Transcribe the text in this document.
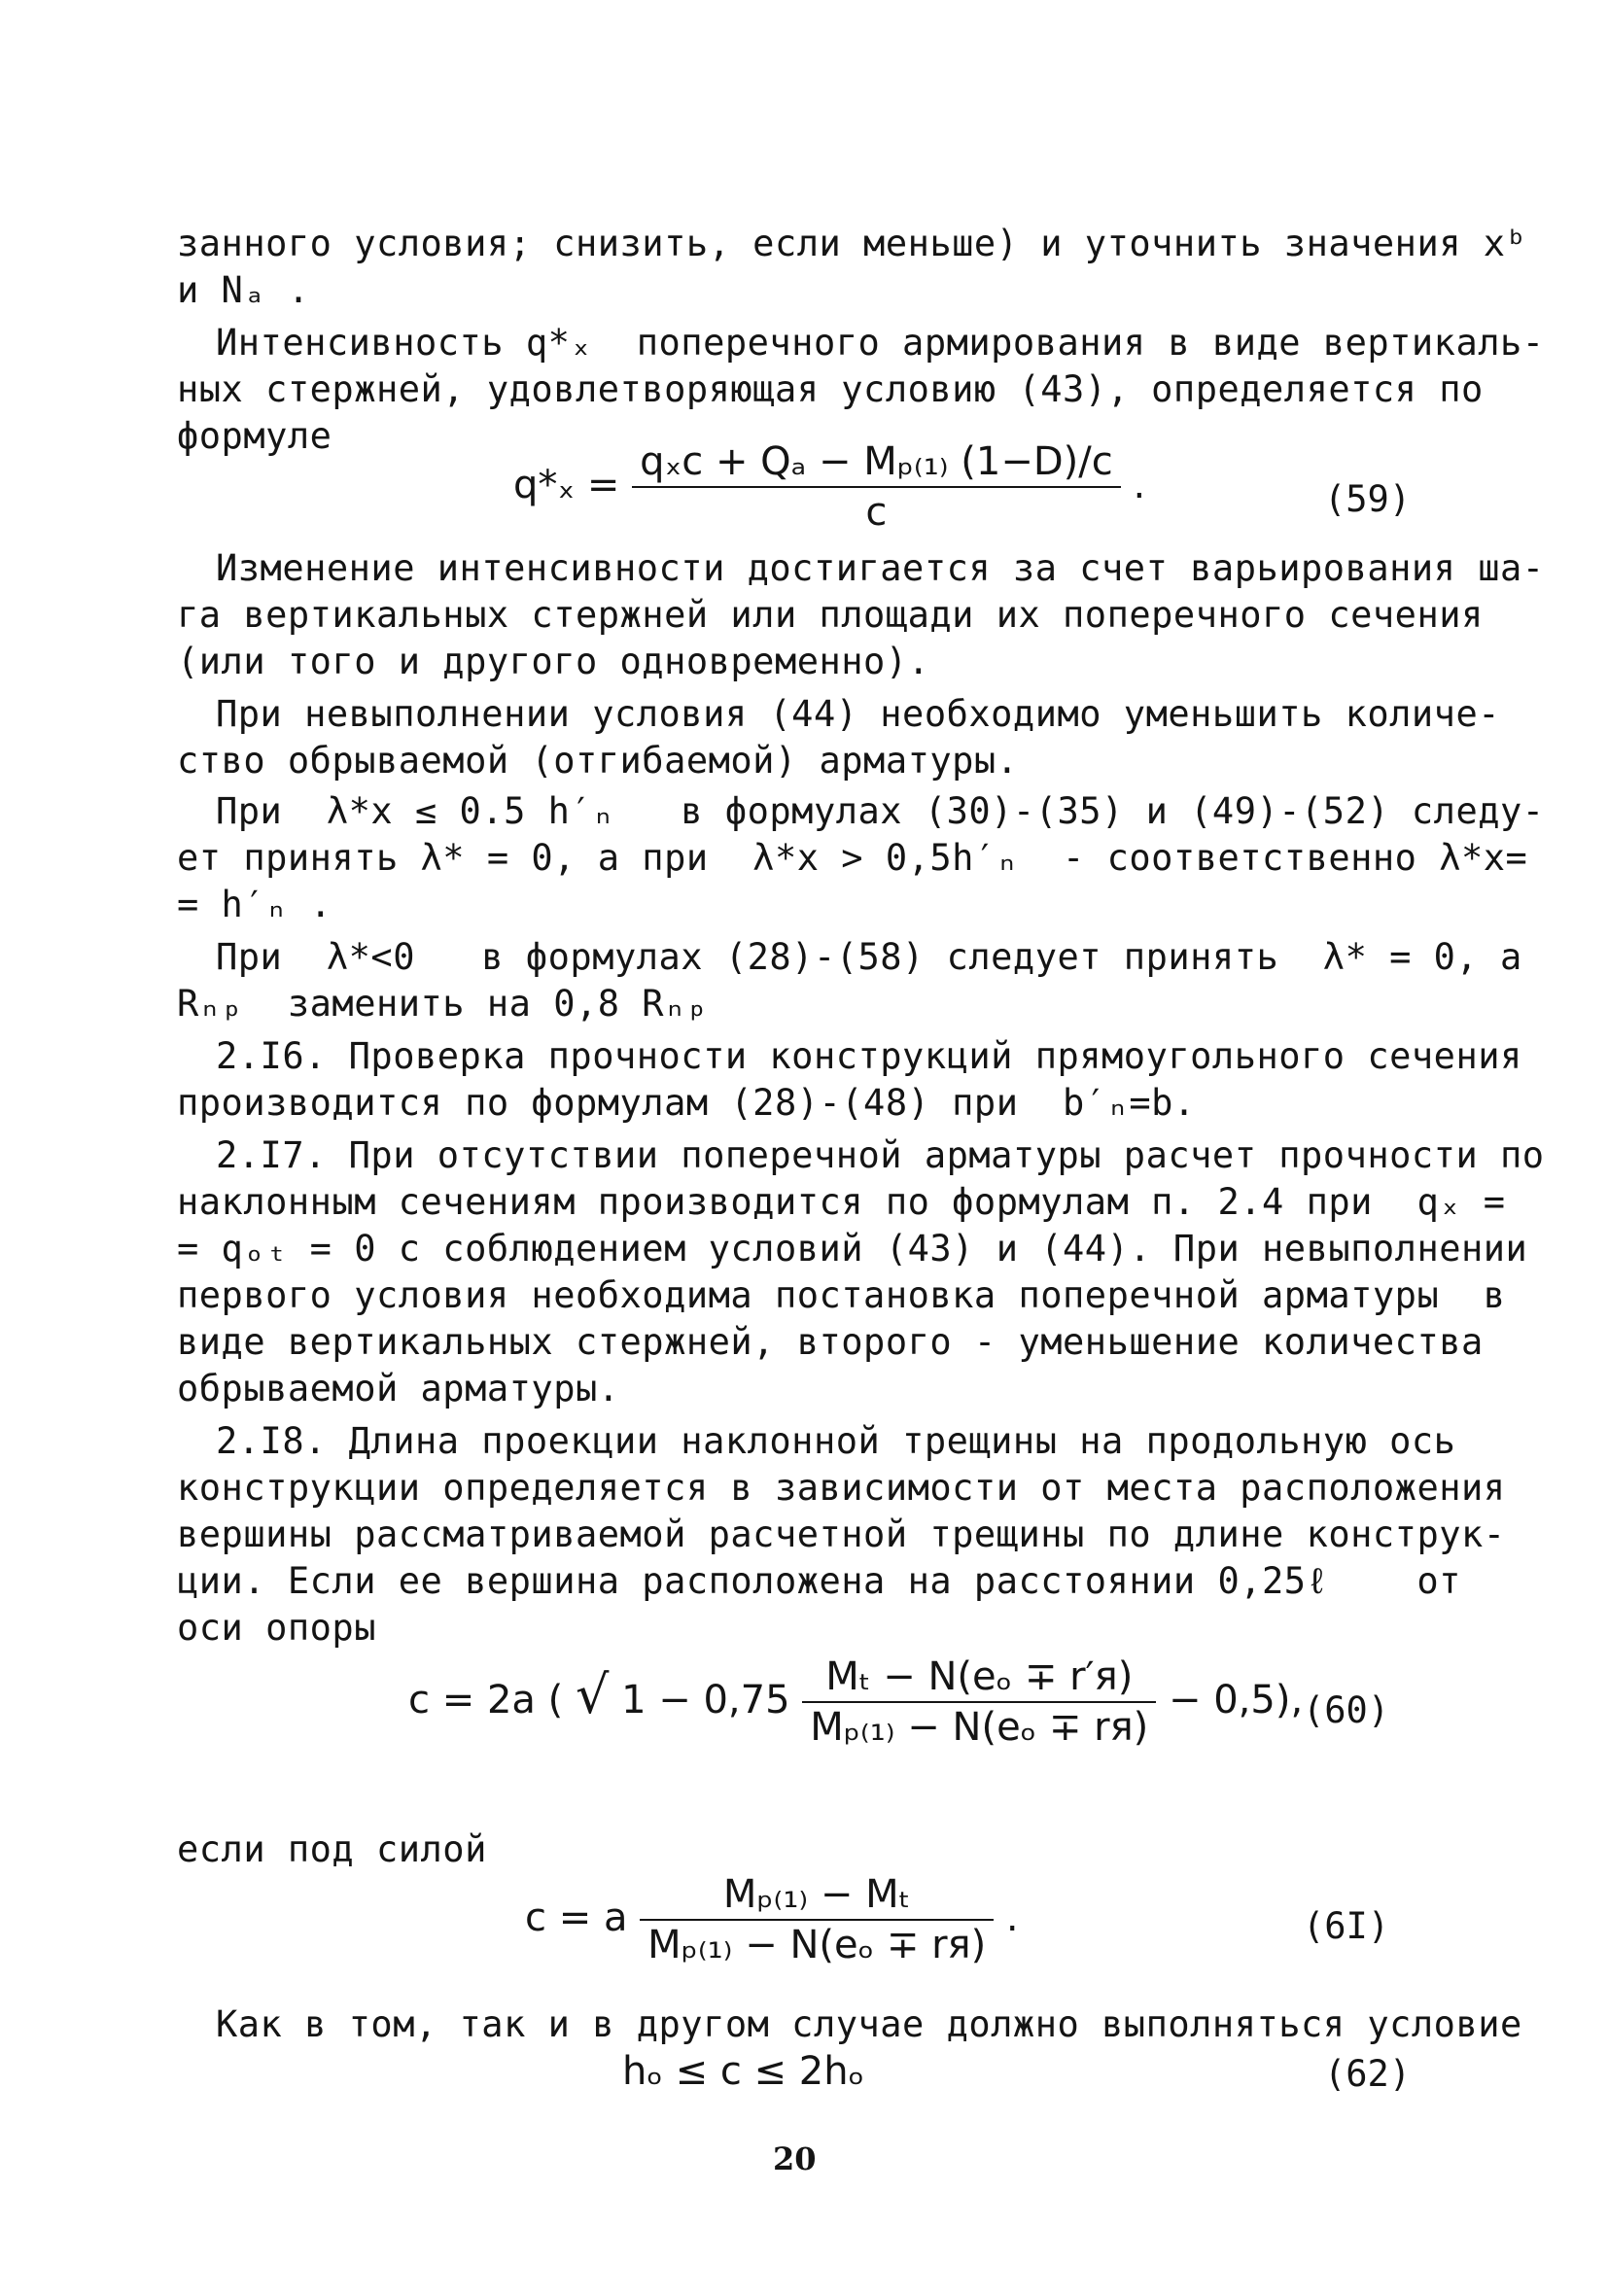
занного условия; снизить, если меньше) и уточнить значения xᵇ
и Nₐ .
Интенсивность q*ₓ  поперечного армирования в виде вертикаль-
ных стержней, удовлетворяющая условию (43), определяется по
формуле
$q*_x = \frac{\text{qₓc + Qₐ − Mₚ₍₁₎ (1−D)/c}}{c}$ .	(59)
Изменение интенсивности достигается за счет варьирования ша-
га вертикальных стержней или площади их поперечного сечения
(или того и другого одновременно).
При невыполнении условия (44) необходимо уменьшить количе-
ство обрываемой (отгибаемой) арматуры.
При  λ*x ≤ 0.5 h′ₙ   в формулах (30)-(35) и (49)-(52) следу-
ет принять λ* = 0, а при  λ*x > 0,5h′ₙ  - соответственно λ*x=
= h′ₙ .
При  λ*<0   в формулах (28)-(58) следует принять  λ* = 0, а
Rₙₚ  заменить на 0,8 Rₙₚ
2.I6. Проверка прочности конструкций прямоугольного сечения
производится по формулам (28)-(48) при  b′ₙ=b.
2.I7. При отсутствии поперечной арматуры расчет прочности по
наклонным сечениям производится по формулам п. 2.4 при  qₓ =
= qₒₜ = 0 с соблюдением условий (43) и (44). При невыполнении
первого условия необходима постановка поперечной арматуры  в
виде вертикальных стержней, второго - уменьшение количества
обрываемой арматуры.
2.I8. Длина проекции наклонной трещины на продольную ось
конструкции определяется в зависимости от места расположения
вершины рассматриваемой расчетной трещины по длине конструк-
ции. Если ее вершина расположена на расстоянии 0,25ℓ    от
оси опоры
c = 2a ( √ $1 - 0,75 \frac{\text{Mₜ − N(eₒ ∓ r′я)}}{\text{Mₚ₍₁₎ − N(eₒ ∓ rя)}} - 0,5$), (60)
если под силой
c = a $\frac{\text{Mₚ₍₁₎ − Mₜ}}{\text{Mₚ₍₁₎ − N(eₒ ∓ rя)}}$ .	(6I)
Как в том, так и в другом случае должно выполняться условие
hₒ ≤ c ≤ 2hₒ	(62)
20
